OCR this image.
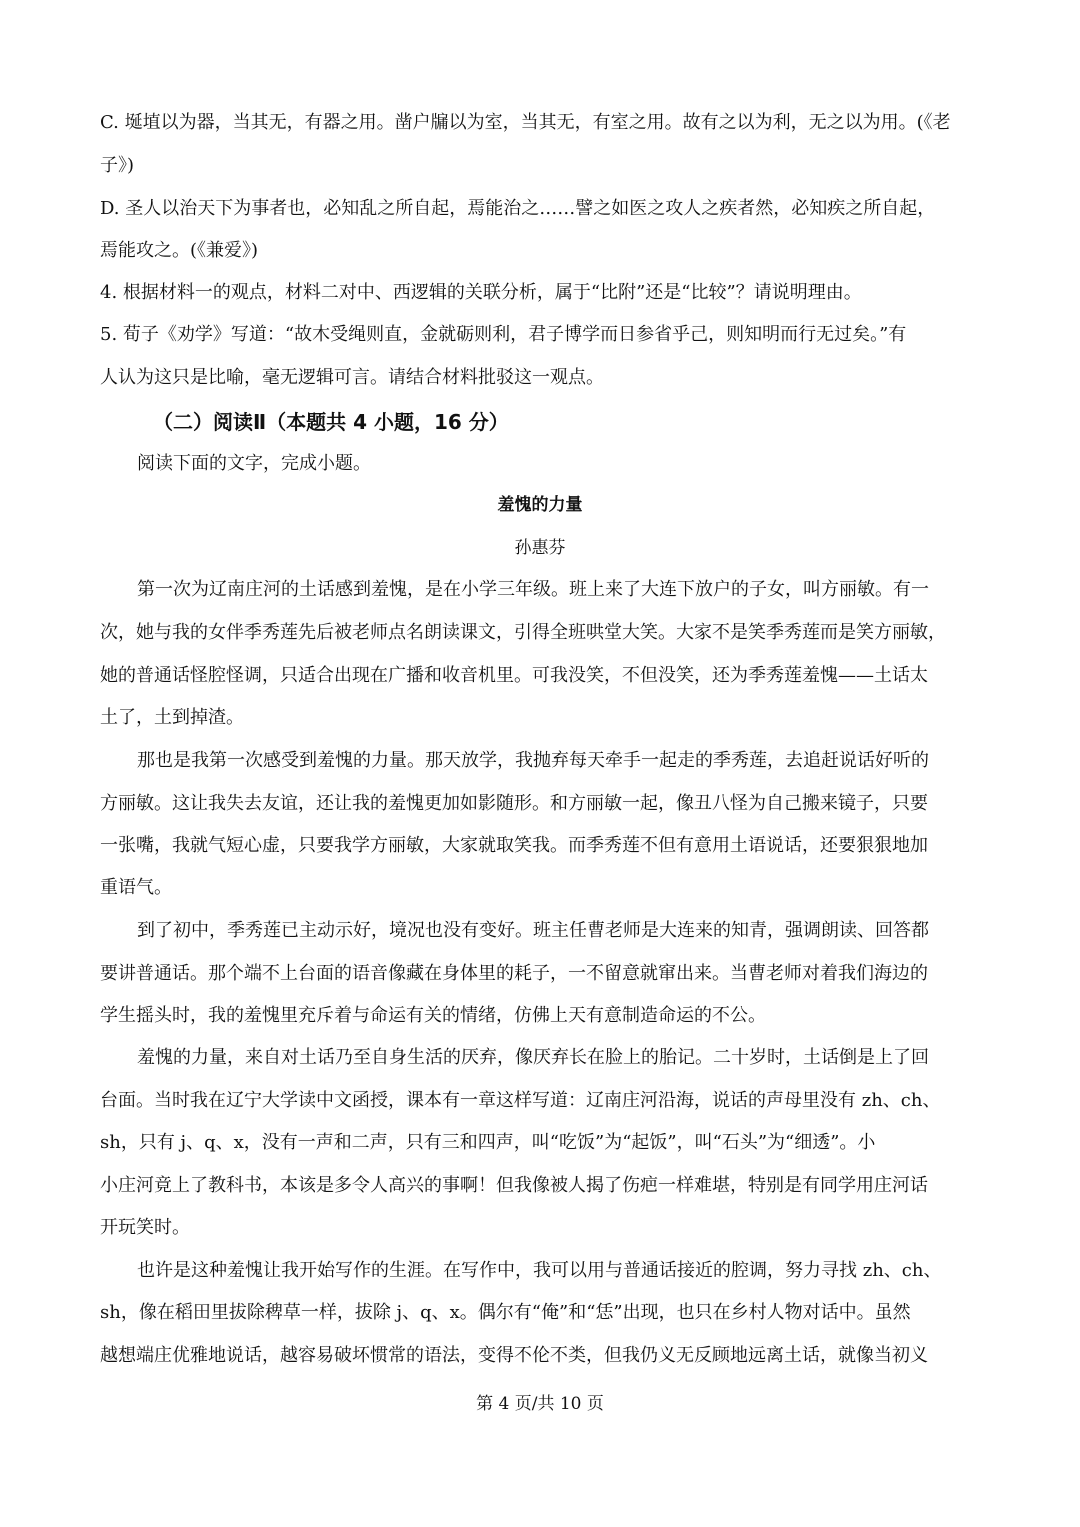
C. 埏埴以为器，当其无，有器之用。凿户牖以为室，当其无，有室之用。故有之以为利，无之以为用。(《老
子》)
D. 圣人以治天下为事者也，必知乱之所自起，焉能治之……譬之如医之攻人之疾者然，必知疾之所自起，
焉能攻之。(《兼爱》)
4. 根据材料一的观点，材料二对中、西逻辑的关联分析，属于“比附”还是“比较”？请说明理由。
5. 荀子《劝学》写道：“故木受绳则直，金就砺则利，君子博学而日参省乎己，则知明而行无过矣。”有
人认为这只是比喻，毫无逻辑可言。请结合材料批驳这一观点。
（二）阅读Ⅱ（本题共 4 小题，16 分）
阅读下面的文字，完成小题。
羞愧的力量
孙惠芬
第一次为辽南庄河的土话感到羞愧，是在小学三年级。班上来了大连下放户的子女，叫方丽敏。有一
次，她与我的女伴季秀莲先后被老师点名朗读课文，引得全班哄堂大笑。大家不是笑季秀莲而是笑方丽敏，
她的普通话怪腔怪调，只适合出现在广播和收音机里。可我没笑，不但没笑，还为季秀莲羞愧——土话太
土了，土到掉渣。
那也是我第一次感受到羞愧的力量。那天放学，我抛弃每天牵手一起走的季秀莲，去追赶说话好听的
方丽敏。这让我失去友谊，还让我的羞愧更加如影随形。和方丽敏一起，像丑八怪为自己搬来镜子，只要
一张嘴，我就气短心虚，只要我学方丽敏，大家就取笑我。而季秀莲不但有意用土语说话，还要狠狠地加
重语气。
到了初中，季秀莲已主动示好，境况也没有变好。班主任曹老师是大连来的知青，强调朗读、回答都
要讲普通话。那个端不上台面的语音像藏在身体里的耗子，一不留意就窜出来。当曹老师对着我们海边的
学生摇头时，我的羞愧里充斥着与命运有关的情绪，仿佛上天有意制造命运的不公。
羞愧的力量，来自对土话乃至自身生活的厌弃，像厌弃长在脸上的胎记。二十岁时，土话倒是上了回
台面。当时我在辽宁大学读中文函授，课本有一章这样写道：辽南庄河沿海，说话的声母里没有 zh、ch、
sh，只有 j、q、x，没有一声和二声，只有三和四声，叫“吃饭”为“起饭”，叫“石头”为“细透”。小
小庄河竟上了教科书，本该是多令人高兴的事啊！但我像被人揭了伤疤一样难堪，特别是有同学用庄河话
开玩笑时。
也许是这种羞愧让我开始写作的生涯。在写作中，我可以用与普通话接近的腔调，努力寻找 zh、ch、
sh，像在稻田里拔除稗草一样，拔除 j、q、x。偶尔有“俺”和“恁”出现，也只在乡村人物对话中。虽然
越想端庄优雅地说话，越容易破坏惯常的语法，变得不伦不类，但我仍义无反顾地远离土话，就像当初义
第 4 页/共 10 页
